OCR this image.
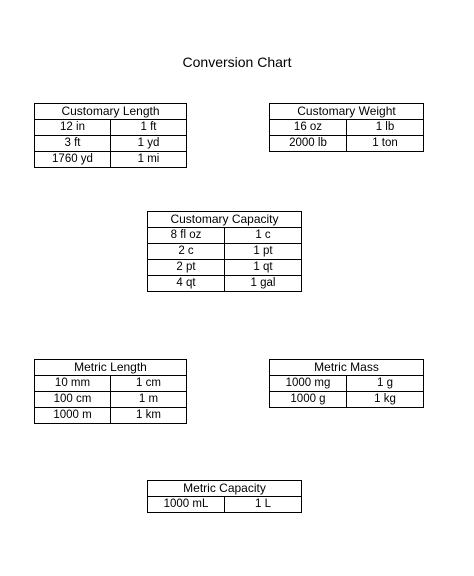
Conversion Chart
Customary Length	
12 in	1 ft
3 ft	1 yd
1760 yd	1 mi
Customary Weight	
16 oz	1 lb
2000 lb	1 ton
Customary Capacity	
8 fl oz	1 c
2 c	1 pt
2 pt	1 qt
4 qt	1 gal
Metric Length	
10 mm	1 cm
100 cm	1 m
1000 m	1 km
Metric Mass	
1000 mg	1 g
1000 g	1 kg
Metric Capacity
1000 mL	1 L
